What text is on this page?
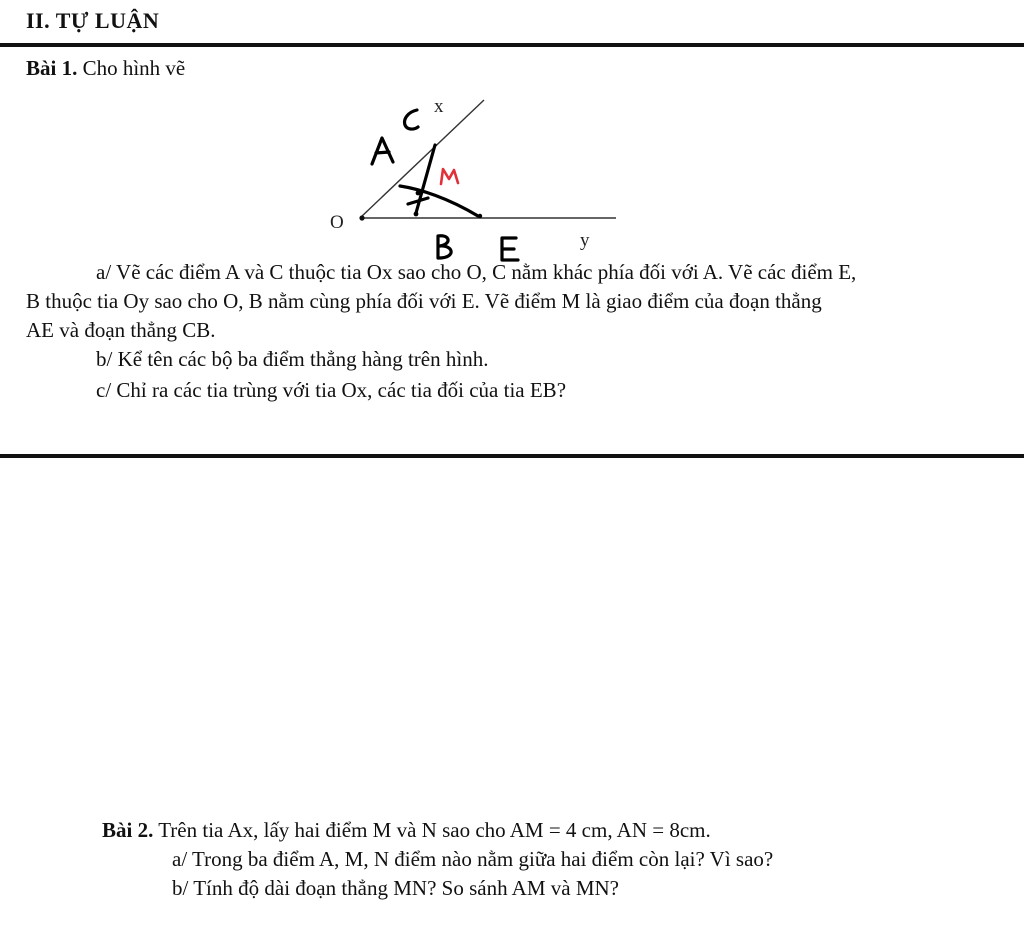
II. TỰ LUẬN

Bài 1. Cho hình vẽ

x
y
O

a/ Vẽ các điểm A và C thuộc tia Ox sao cho O, C nằm khác phía đối với A. Vẽ các điểm E,
B thuộc tia Oy sao cho O, B nằm cùng phía đối với E. Vẽ điểm M là giao điểm của đoạn thẳng
AE và đoạn thẳng CB.

b/ Kể tên các bộ ba điểm thẳng hàng trên hình.

c/ Chỉ ra các tia trùng với tia Ox, các tia đối của tia EB?

Bài 2. Trên tia Ax, lấy hai điểm M và N sao cho AM = 4 cm, AN = 8cm.

a/ Trong ba điểm A, M, N điểm nào nằm giữa hai điểm còn lại? Vì sao?

b/ Tính độ dài đoạn thẳng MN? So sánh AM và MN?
